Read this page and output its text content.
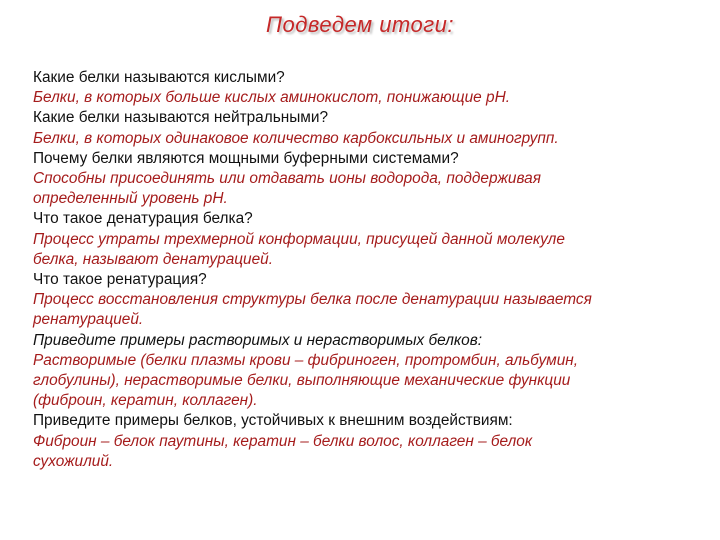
Подведем итоги:
Какие белки называются кислыми?
Белки, в которых больше кислых аминокислот, понижающие рН.
Какие белки называются нейтральными?
Белки, в которых одинаковое количество карбоксильных и аминогрупп.
Почему белки являются мощными буферными системами?
Способны присоединять или отдавать ионы водорода, поддерживая
определенный уровень рН.
Что такое денатурация белка?
Процесс утраты трехмерной конформации, присущей данной молекуле
белка, называют денатурацией.
Что такое ренатурация?
Процесс восстановления структуры белка после денатурации называется
ренатурацией.
Приведите примеры растворимых и нерастворимых белков:
Растворимые (белки плазмы крови – фибриноген, протромбин, альбумин,
глобулины), нерастворимые белки, выполняющие механические функции
(фиброин, кератин, коллаген).
Приведите примеры белков, устойчивых к внешним воздействиям:
Фиброин – белок паутины, кератин – белки волос, коллаген – белок
сухожилий.
